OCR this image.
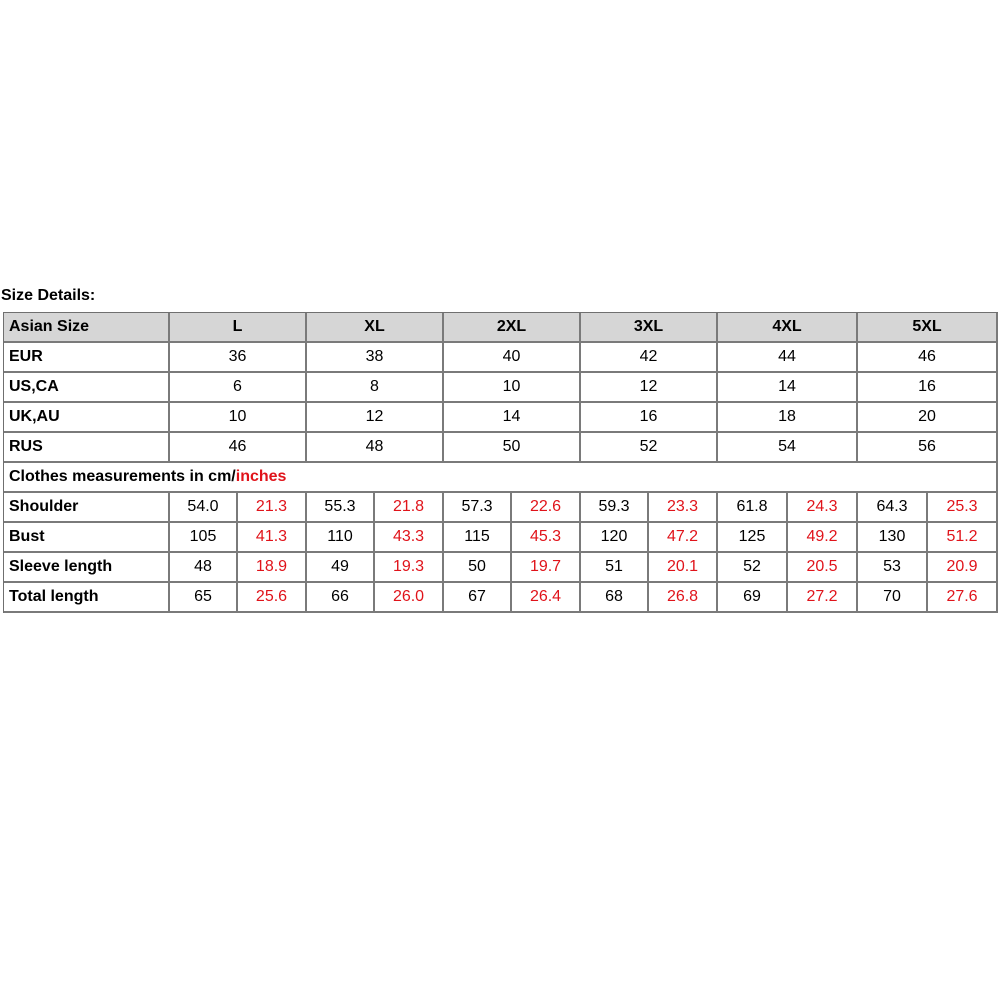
Size Details:
Asian Size	L		XL		2XL		3XL		4XL		5XL	
EUR	36		38		40		42		44		46	
US,CA	6		8		10		12		14		16	
UK,AU	10		12		14		16		18		20	
RUS	46		48		50		52		54		56	
Clothes measurements in cm/inches												
Shoulder	54.0	21.3	55.3	21.8	57.3	22.6	59.3	23.3	61.8	24.3	64.3	25.3
Bust	105	41.3	110	43.3	115	45.3	120	47.2	125	49.2	130	51.2
Sleeve length	48	18.9	49	19.3	50	19.7	51	20.1	52	20.5	53	20.9
Total length	65	25.6	66	26.0	67	26.4	68	26.8	69	27.2	70	27.6
